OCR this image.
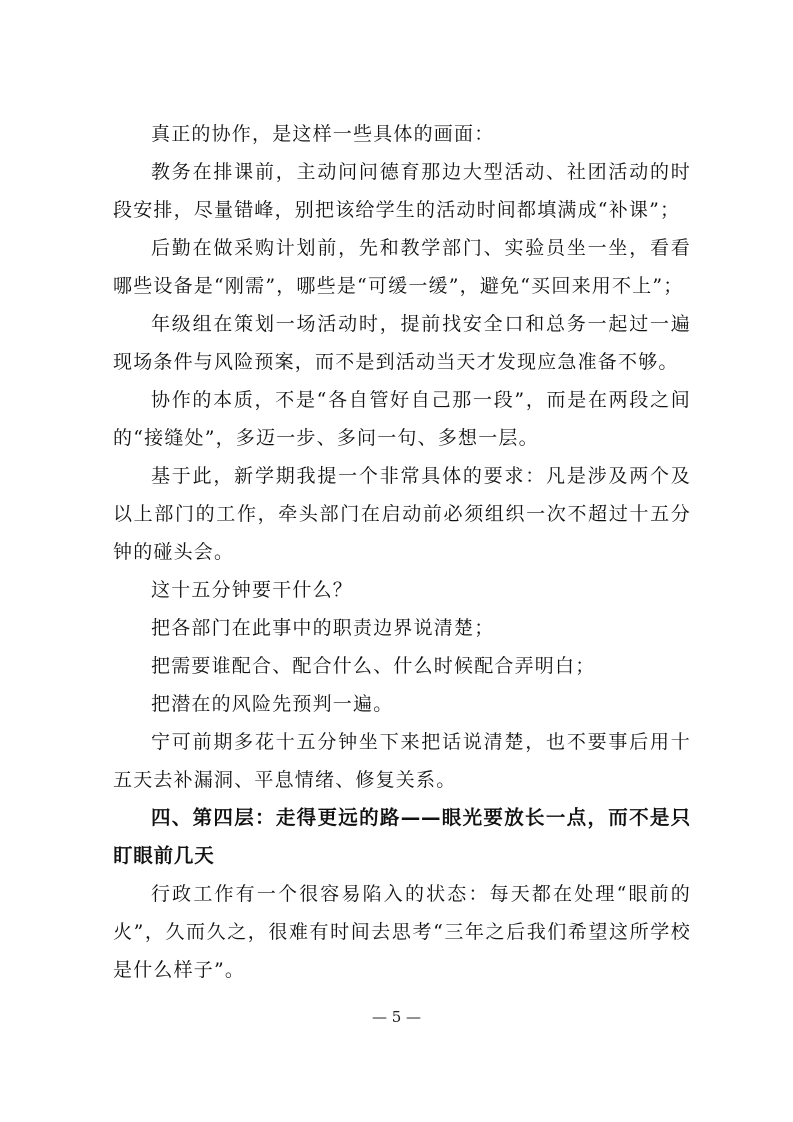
真正的协作，是这样一些具体的画面：

教务在排课前，主动问问德育那边大型活动、社团活动的时段安排，尽量错峰，别把该给学生的活动时间都填满成“补课”；

后勤在做采购计划前，先和教学部门、实验员坐一坐，看看哪些设备是“刚需”，哪些是“可缓一缓”，避免“买回来用不上”；

年级组在策划一场活动时，提前找安全口和总务一起过一遍现场条件与风险预案，而不是到活动当天才发现应急准备不够。

协作的本质，不是“各自管好自己那一段”，而是在两段之间的“接缝处”，多迈一步、多问一句、多想一层。

基于此，新学期我提一个非常具体的要求：凡是涉及两个及以上部门的工作，牵头部门在启动前必须组织一次不超过十五分钟的碰头会。

这十五分钟要干什么？

把各部门在此事中的职责边界说清楚；

把需要谁配合、配合什么、什么时候配合弄明白；

把潜在的风险先预判一遍。

宁可前期多花十五分钟坐下来把话说清楚，也不要事后用十五天去补漏洞、平息情绪、修复关系。

四、第四层：走得更远的路——眼光要放长一点，而不是只盯眼前几天

行政工作有一个很容易陷入的状态：每天都在处理“眼前的火”，久而久之，很难有时间去思考“三年之后我们希望这所学校是什么样子”。

— 5 —
